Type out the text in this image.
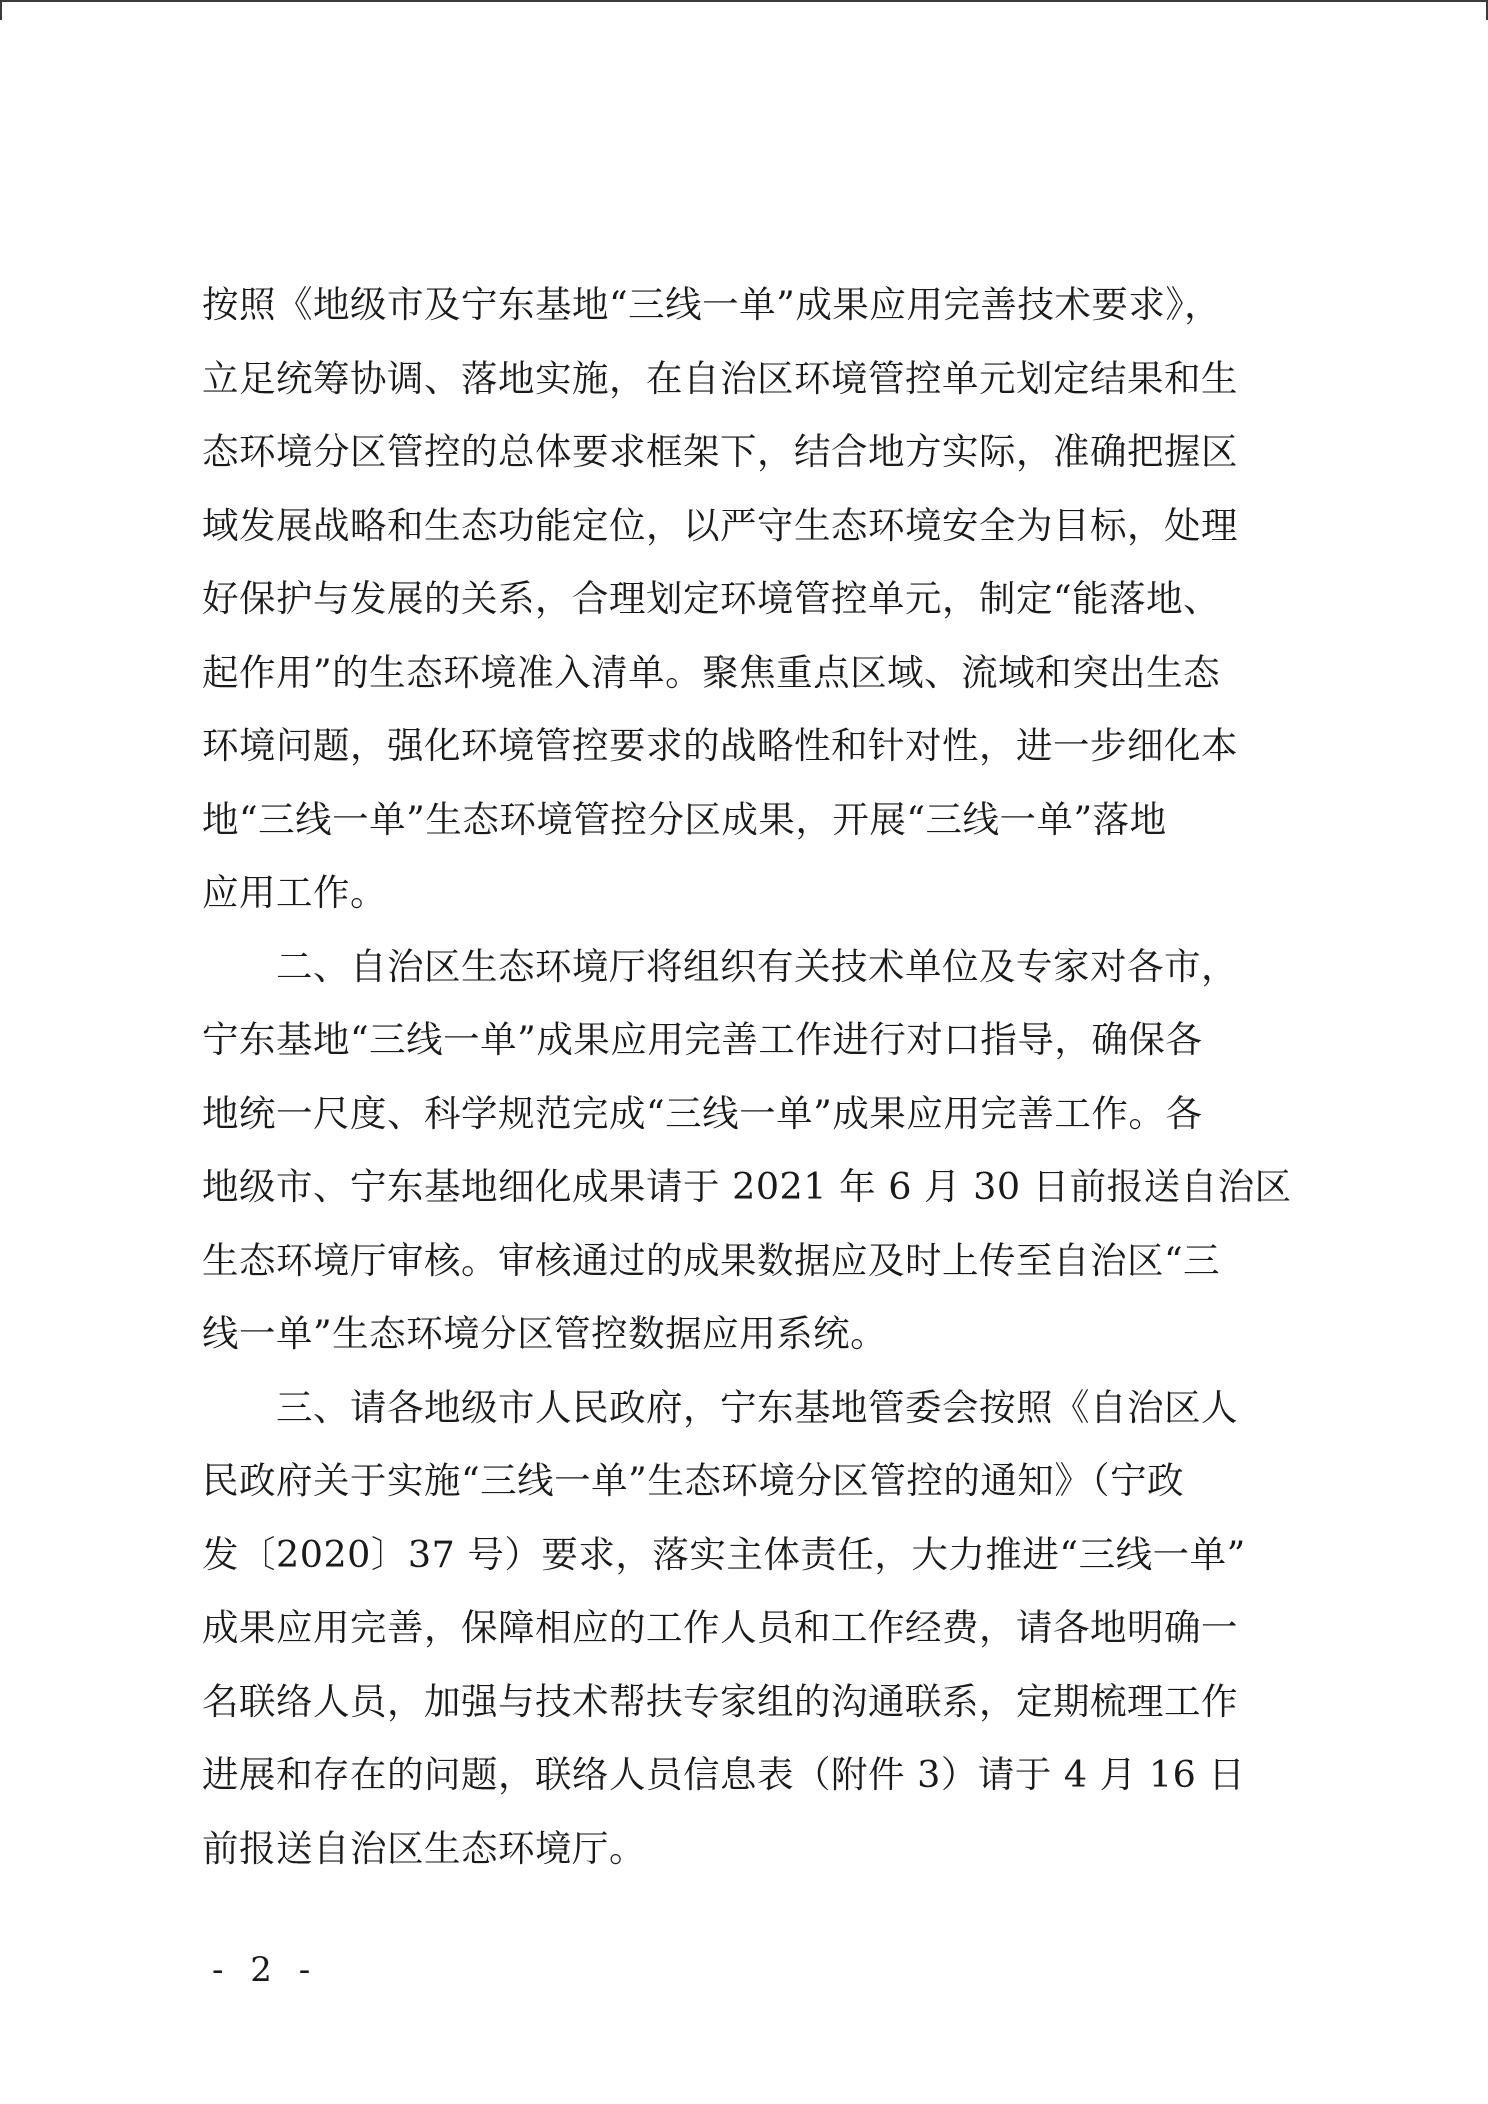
按照《地级市及宁东基地“三线一单”成果应用完善技术要求》，
立足统筹协调、落地实施，在自治区环境管控单元划定结果和生
态环境分区管控的总体要求框架下，结合地方实际，准确把握区
域发展战略和生态功能定位，以严守生态环境安全为目标，处理
好保护与发展的关系，合理划定环境管控单元，制定“能落地、
起作用”的生态环境准入清单。聚焦重点区域、流域和突出生态
环境问题，强化环境管控要求的战略性和针对性，进一步细化本
地“三线一单”生态环境管控分区成果，开展“三线一单”落地
应用工作。
二、自治区生态环境厅将组织有关技术单位及专家对各市，
宁东基地“三线一单”成果应用完善工作进行对口指导，确保各
地统一尺度、科学规范完成“三线一单”成果应用完善工作。各
地级市、宁东基地细化成果请于 2021 年 6 月 30 日前报送自治区
生态环境厅审核。审核通过的成果数据应及时上传至自治区“三
线一单”生态环境分区管控数据应用系统。
三、请各地级市人民政府，宁东基地管委会按照《自治区人
民政府关于实施“三线一单”生态环境分区管控的通知》（宁政
发〔2020〕37 号）要求，落实主体责任，大力推进“三线一单”
成果应用完善，保障相应的工作人员和工作经费，请各地明确一
名联络人员，加强与技术帮扶专家组的沟通联系，定期梳理工作
进展和存在的问题，联络人员信息表（附件 3）请于 4 月 16 日
前报送自治区生态环境厅。
- 2 -
